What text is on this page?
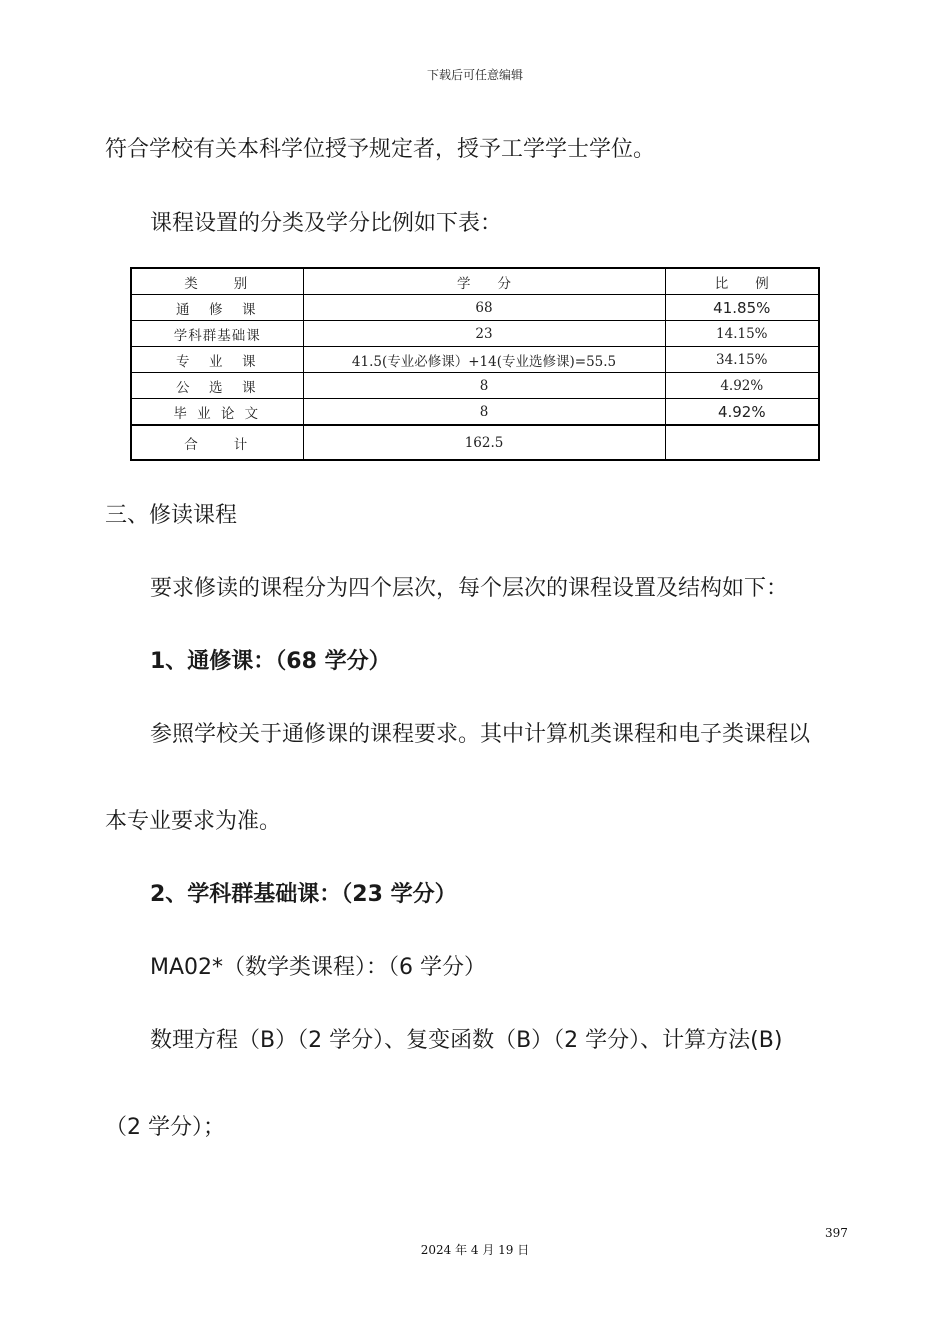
下载后可任意编辑
符合学校有关本科学位授予规定者，授予工学学士学位。
课程设置的分类及学分比例如下表：
类　　别	学　　分	比　　例
通　修　课	68	41.85%
学科群基础课	23	14.15%
专　业　课	41.5(专业必修课）+14(专业选修课)=55.5	34.15%
公　选　课	8	4.92%
毕 业 论 文	8	4.92%
合　　计	162.5	
三、修读课程
要求修读的课程分为四个层次，每个层次的课程设置及结构如下：
1、通修课：（68 学分）
参照学校关于通修课的课程要求。其中计算机类课程和电子类课程以
本专业要求为准。
2、学科群基础课：（23 学分）
MA02*（数学类课程）：（6 学分）
数理方程（B）（2 学分）、复变函数（B）（2 学分）、计算方法(B)
（2 学分）；
397
2024 年 4 月 19 日
